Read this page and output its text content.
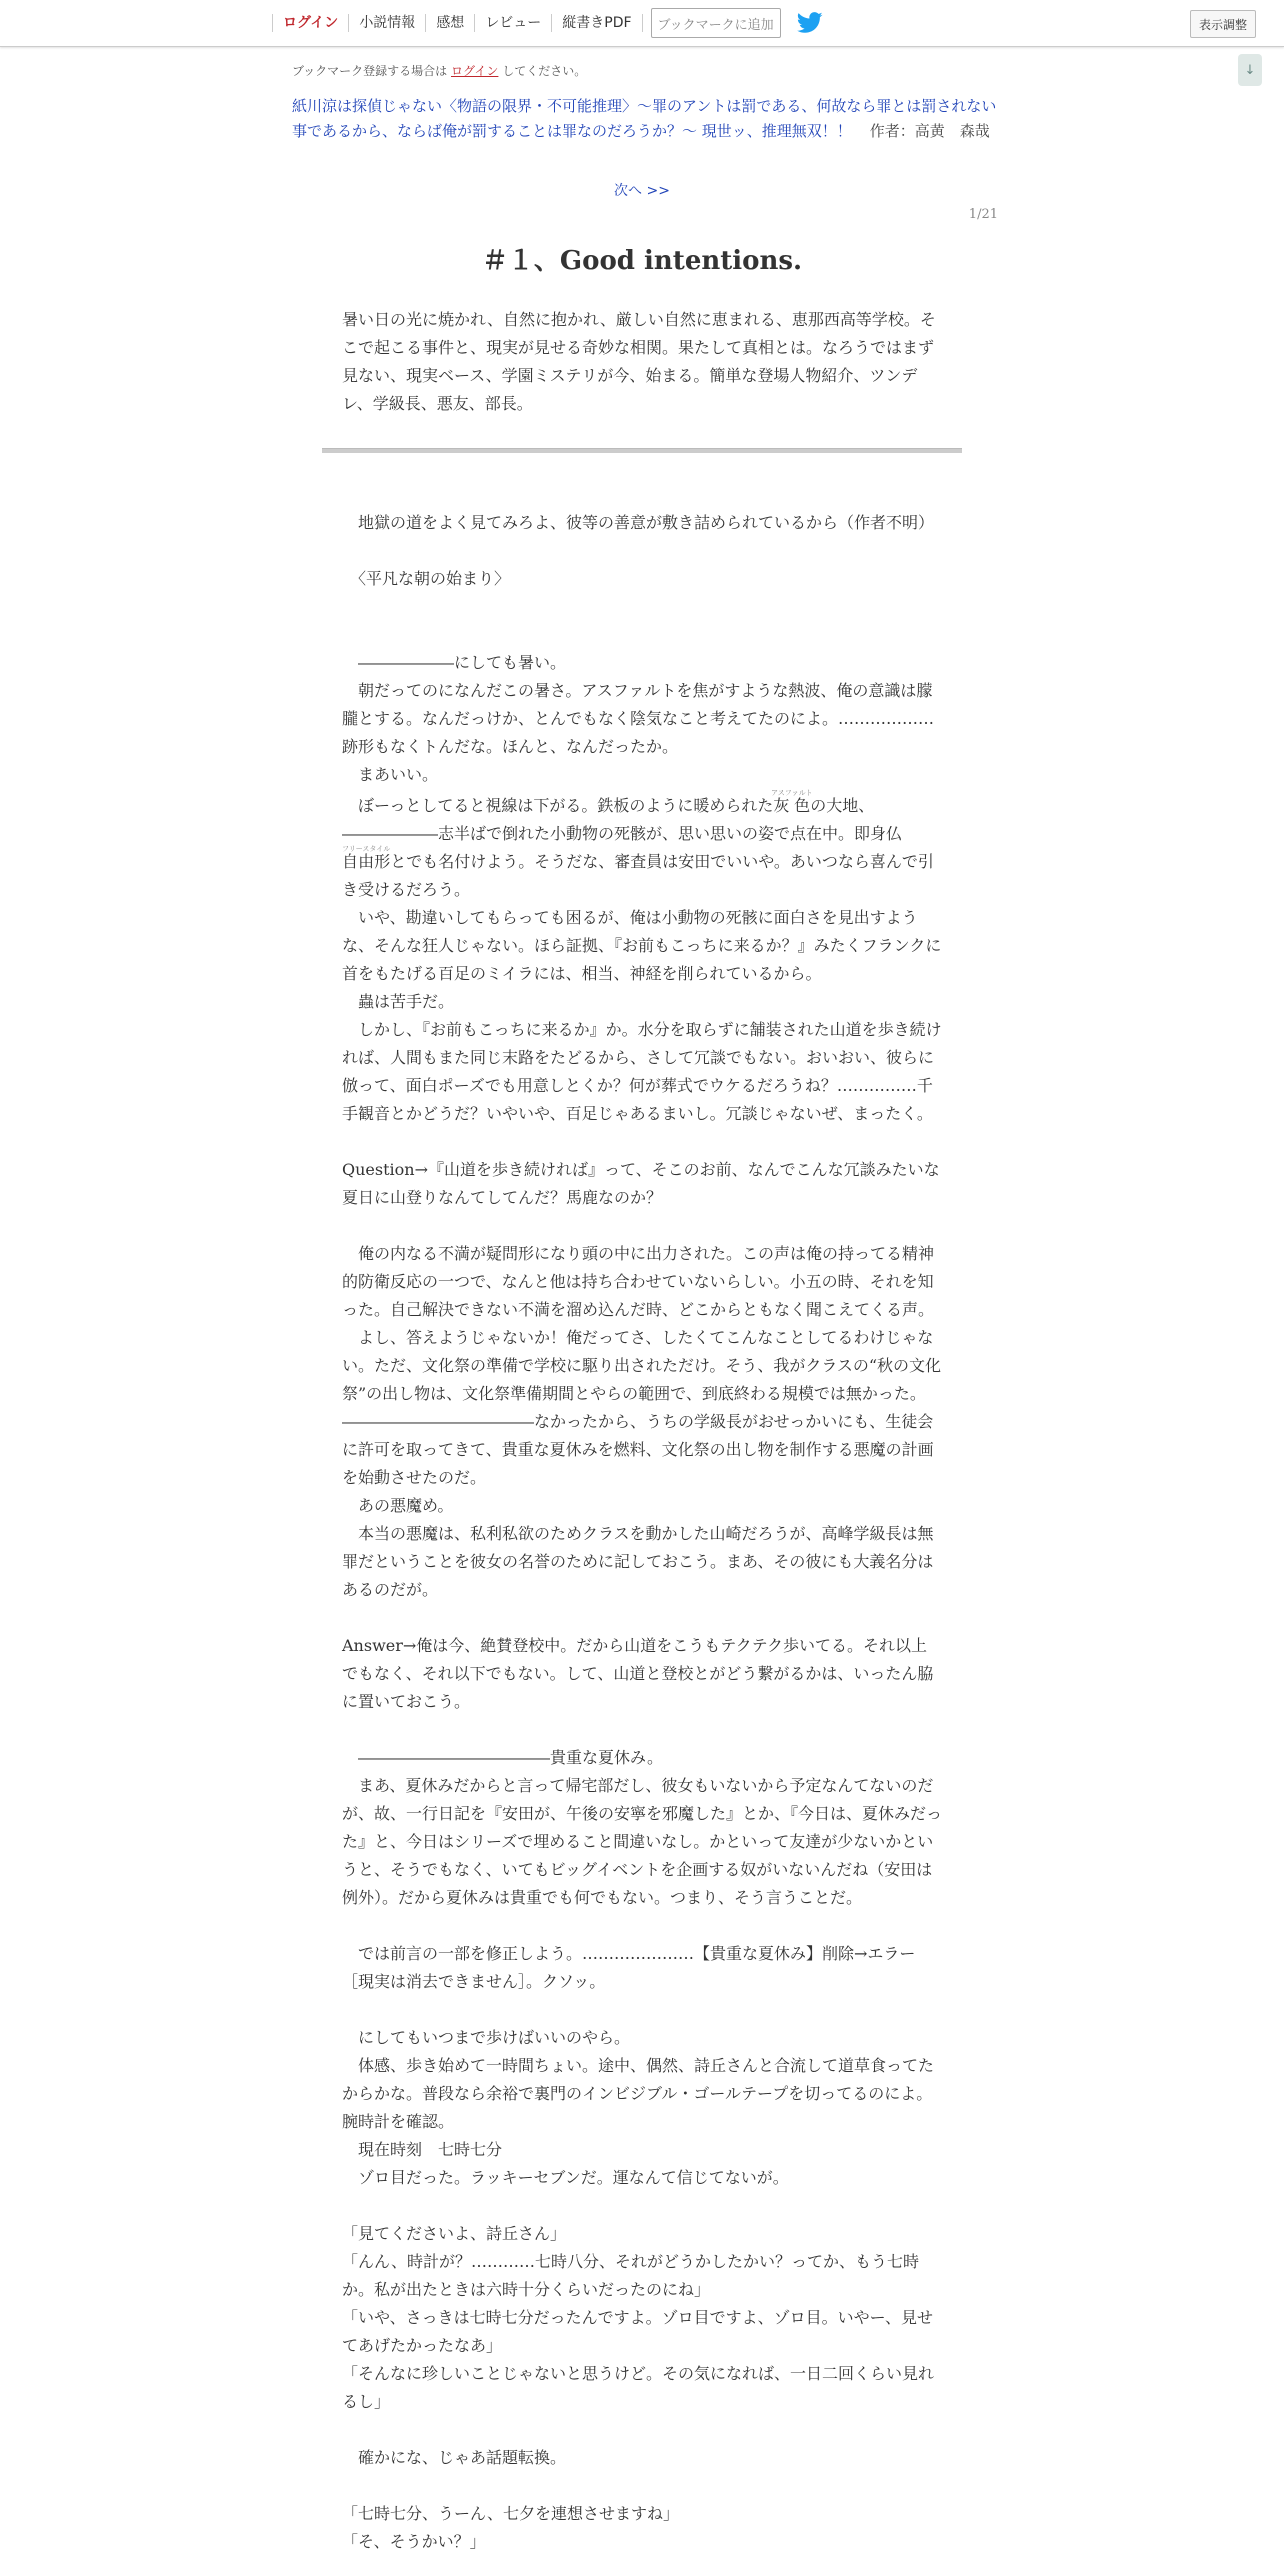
ログイン	小説情報	感想	レビュー	縦書きPDF	ブックマークに追加	表示調整
↓
ブックマーク登録する場合は ログイン してください。
紙川涼は探偵じゃない〈物語の限界・不可能推理〉～罪のアントは罰である、何故なら罪とは罰されない事であるから、ならば俺が罰することは罪なのだろうか？～ 現世ッ、推理無双！！ 作者：高黄　森哉
次へ >>
1/21
＃１、Good intentions.
暑い日の光に焼かれ、自然に抱かれ、厳しい自然に恵まれる、恵那西高等学校。そこで起こる事件と、現実が見せる奇妙な相関。果たして真相とは。なろうではまず見ない、現実ベース、学園ミステリが今、始まる。簡単な登場人物紹介、ツンデレ、学級長、悪友、部長。

　地獄の道をよく見てみろよ、彼等の善意が敷き詰められているから（作者不明）

　〈平凡な朝の始まり〉

　――――――にしても暑い。

　朝だってのになんだこの暑さ。アスファルトを焦がすような熱波、俺の意識は朦朧とする。なんだっけか、とんでもなく陰気なこと考えてたのによ。………………跡形もなくトんだな。ほんと、なんだったか。

　まあいい。

　ぼーっとしてると視線は下がる。鉄板のように暖められた灰色アスファルトの大地、

――――――志半ばで倒れた小動物の死骸が、思い思いの姿で点在中。即身仏自由形フリースタイルとでも名付けよう。そうだな、審査員は安田でいいや。あいつなら喜んで引き受けるだろう。

　いや、勘違いしてもらっても困るが、俺は小動物の死骸に面白さを見出すような、そんな狂人じゃない。ほら証拠、『お前もこっちに来るか？』みたくフランクに首をもたげる百足のミイラには、相当、神経を削られているから。

　蟲は苦手だ。

　しかし、『お前もこっちに来るか』か。水分を取らずに舗装された山道を歩き続ければ、人間もまた同じ末路をたどるから、さして冗談でもない。おいおい、彼らに倣って、面白ポーズでも用意しとくか？何が葬式でウケるだろうね？……………千手観音とかどうだ？いやいや、百足じゃあるまいし。冗談じゃないぜ、まったく。

Question→『山道を歩き続ければ』って、そこのお前、なんでこんな冗談みたいな夏日に山登りなんてしてんだ？馬鹿なのか？

　俺の内なる不満が疑問形になり頭の中に出力された。この声は俺の持ってる精神的防衛反応の一つで、なんと他は持ち合わせていないらしい。小五の時、それを知った。自己解決できない不満を溜め込んだ時、どこからともなく聞こえてくる声。

　よし、答えようじゃないか！俺だってさ、したくてこんなことしてるわけじゃない。ただ、文化祭の準備で学校に駆り出されただけ。そう、我がクラスの“秋の文化祭”の出し物は、文化祭準備期間とやらの範囲で、到底終わる規模では無かった。――――――――――――なかったから、うちの学級長がおせっかいにも、生徒会に許可を取ってきて、貴重な夏休みを燃料、文化祭の出し物を制作する悪魔の計画を始動させたのだ。

　あの悪魔め。

　本当の悪魔は、私利私欲のためクラスを動かした山崎だろうが、高峰学級長は無罪だということを彼女の名誉のために記しておこう。まあ、その彼にも大義名分はあるのだが。

Answer→俺は今、絶賛登校中。だから山道をこうもテクテク歩いてる。それ以上でもなく、それ以下でもない。して、山道と登校とがどう繋がるかは、いったん脇に置いておこう。

　――――――――――――貴重な夏休み。

　まあ、夏休みだからと言って帰宅部だし、彼女もいないから予定なんてないのだが、故、一行日記を『安田が、午後の安寧を邪魔した』とか、『今日は、夏休みだった』と、今日はシリーズで埋めること間違いなし。かといって友達が少ないかというと、そうでもなく、いてもビッグイベントを企画する奴がいないんだね（安田は例外）。だから夏休みは貴重でも何でもない。つまり、そう言うことだ。

　では前言の一部を修正しよう。…………………【貴重な夏休み】削除→エラー［現実は消去できません］。クソッ。

　にしてもいつまで歩けばいいのやら。

　体感、歩き始めて一時間ちょい。途中、偶然、詩丘さんと合流して道草食ってたからかな。普段なら余裕で裏門のインビジブル・ゴールテープを切ってるのによ。腕時計を確認。

　現在時刻　七時七分

　ゾロ目だった。ラッキーセブンだ。運なんて信じてないが。

「見てくださいよ、詩丘さん」

「んん、時計が？…………七時八分、それがどうかしたかい？ってか、もう七時か。私が出たときは六時十分くらいだったのにね」

「いや、さっきは七時七分だったんですよ。ゾロ目ですよ、ゾロ目。いやー、見せてあげたかったなあ」

「そんなに珍しいことじゃないと思うけど。その気になれば、一日二回くらい見れるし」

　確かにな、じゃあ話題転換。

「七時七分、うーん、七夕を連想させますね」

「そ、そうかい？」
